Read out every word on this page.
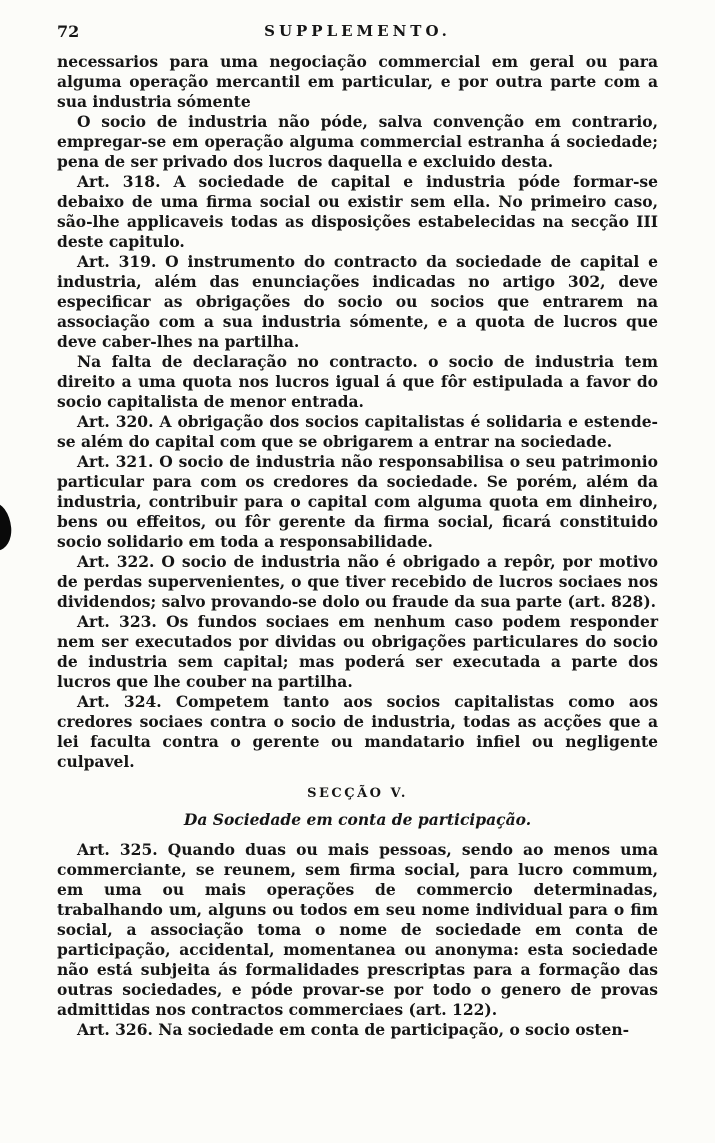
72	SUPPLEMENTO.

necessarios para uma negociação commercial em geral ou para alguma operação mercantil em particular, e por outra parte com a sua industria sómente

O socio de industria não póde, salva convenção em contrario, empregar-se em operação alguma commercial estranha á sociedade; pena de ser privado dos lucros daquella e excluido desta.

Art. 318. A sociedade de capital e industria póde formar-se debaixo de uma firma social ou existir sem ella. No primeiro caso, são-lhe applicaveis todas as disposições estabelecidas na secção III deste capitulo.

Art. 319. O instrumento do contracto da sociedade de capital e industria, além das enunciações indicadas no artigo 302, deve especificar as obrigações do socio ou socios que entrarem na associação com a sua industria sómente, e a quota de lucros que deve caber-lhes na partilha.

Na falta de declaração no contracto. o socio de industria tem direito a uma quota nos lucros igual á que fôr estipulada a favor do socio capitalista de menor entrada.

Art. 320. A obrigação dos socios capitalistas é solidaria e estende-se além do capital com que se obrigarem a entrar na sociedade.

Art. 321. O socio de industria não responsabilisa o seu patrimonio particular para com os credores da sociedade. Se porém, além da industria, contribuir para o capital com alguma quota em dinheiro, bens ou effeitos, ou fôr gerente da firma social, ficará constituido socio solidario em toda a responsabilidade.

Art. 322. O socio de industria não é obrigado a repôr, por motivo de perdas supervenientes, o que tiver recebido de lucros sociaes nos dividendos; salvo provando-se dolo ou fraude da sua parte (art. 828).

Art. 323. Os fundos sociaes em nenhum caso podem responder nem ser executados por dividas ou obrigações particulares do socio de industria sem capital; mas poderá ser executada a parte dos lucros que lhe couber na partilha.

Art. 324. Competem tanto aos socios capitalistas como aos credores sociaes contra o socio de industria, todas as acções que a lei faculta contra o gerente ou mandatario infiel ou negligente culpavel.

SECÇÃO V.
Da Sociedade em conta de participação.

Art. 325. Quando duas ou mais pessoas, sendo ao menos uma commerciante, se reunem, sem firma social, para lucro commum, em uma ou mais operações de commercio determinadas, trabalhando um, alguns ou todos em seu nome individual para o fim social, a associação toma o nome de sociedade em conta de participação, accidental, momentanea ou anonyma: esta sociedade não está subjeita ás formalidades prescriptas para a formação das outras sociedades, e póde provar-se por todo o genero de provas admittidas nos contractos commerciaes (art. 122).

Art. 326. Na sociedade em conta de participação, o socio osten-
